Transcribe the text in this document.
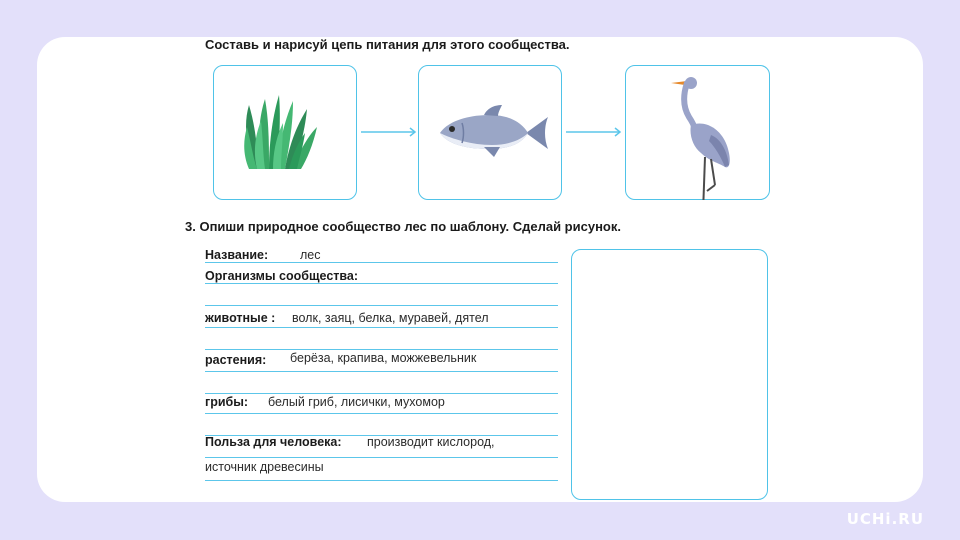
Составь и нарисуй цепь питания для этого сообщества.
3. Опиши природное сообщество лес по шаблону. Сделай рисунок.
Название:	лес
Организмы сообщества:
животные : волк, заяц, белка, муравей, дятел
растения: берёза, крапива, можжевельник
грибы: белый гриб, лисички, мухомор
Польза для человека: производит кислород,
источник древесины
UCHi.RU
